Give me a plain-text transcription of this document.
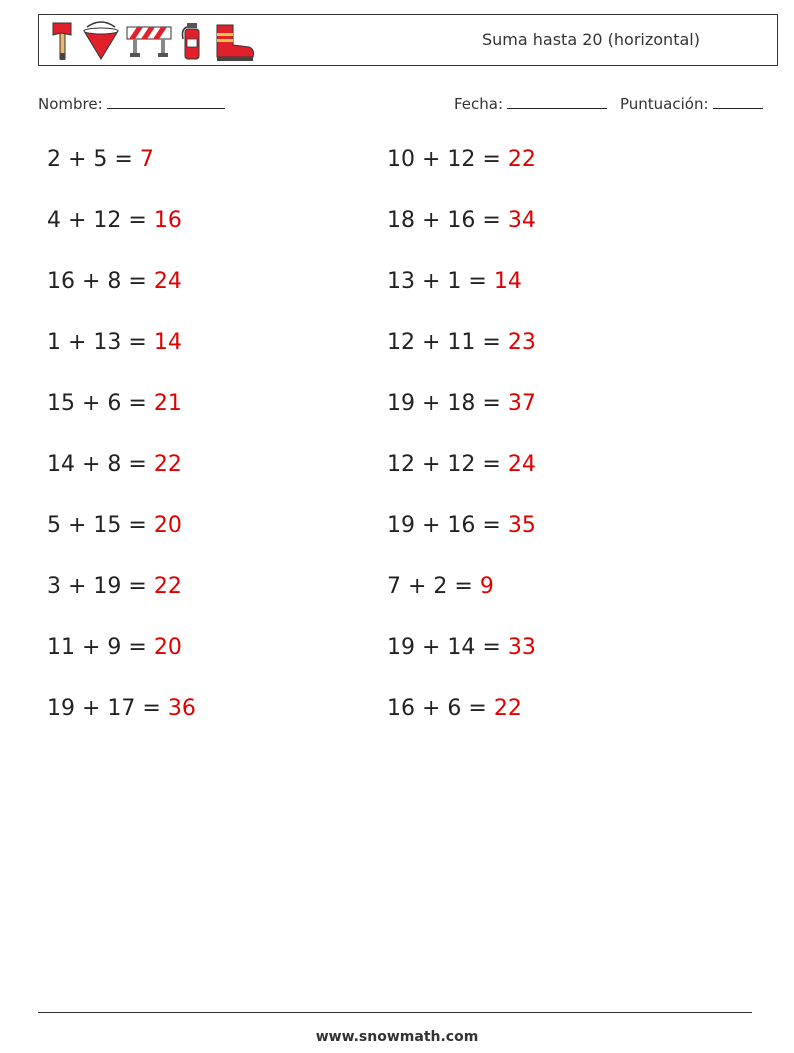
Suma hasta 20 (horizontal)
Nombre:	Fecha:	Puntuación:
2 + 5 = 7	10 + 12 = 22
4 + 12 = 16	18 + 16 = 34
16 + 8 = 24	13 + 1 = 14
1 + 13 = 14	12 + 11 = 23
15 + 6 = 21	19 + 18 = 37
14 + 8 = 22	12 + 12 = 24
5 + 15 = 20	19 + 16 = 35
3 + 19 = 22	7 + 2 = 9
11 + 9 = 20	19 + 14 = 33
19 + 17 = 36	16 + 6 = 22
www.snowmath.com
